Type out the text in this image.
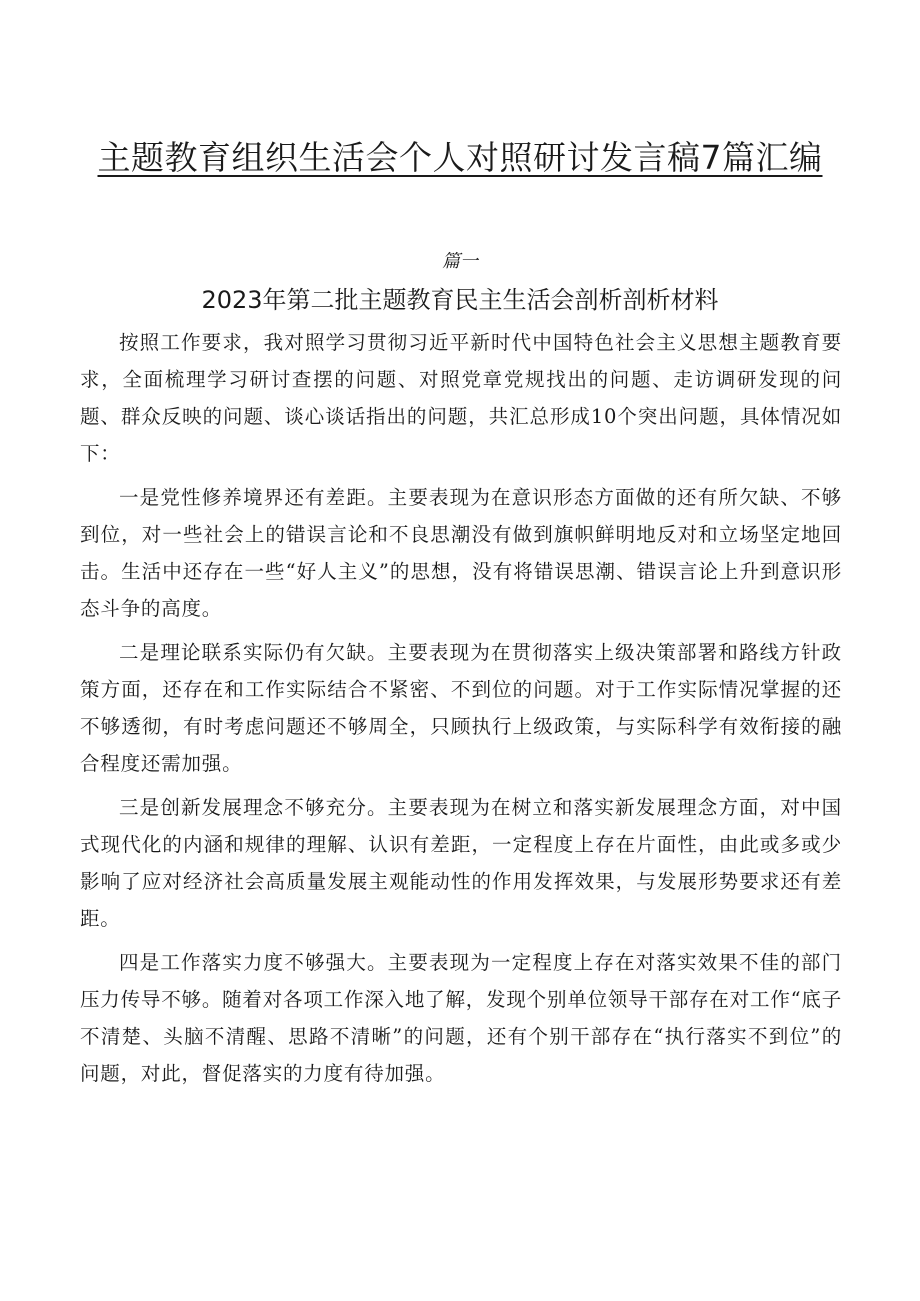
主题教育组织生活会个人对照研讨发言稿7篇汇编
篇一
2023年第二批主题教育民主生活会剖析剖析材料

按照工作要求，我对照学习贯彻习近平新时代中国特色社会主义思想主题教育要求，全面梳理学习研讨查摆的问题、对照党章党规找出的问题、走访调研发现的问题、群众反映的问题、谈心谈话指出的问题，共汇总形成10个突出问题，具体情况如下：

一是党性修养境界还有差距。主要表现为在意识形态方面做的还有所欠缺、不够到位，对一些社会上的错误言论和不良思潮没有做到旗帜鲜明地反对和立场坚定地回击。生活中还存在一些“好人主义”的思想，没有将错误思潮、错误言论上升到意识形态斗争的高度。

二是理论联系实际仍有欠缺。主要表现为在贯彻落实上级决策部署和路线方针政策方面，还存在和工作实际结合不紧密、不到位的问题。对于工作实际情况掌握的还不够透彻，有时考虑问题还不够周全，只顾执行上级政策，与实际科学有效衔接的融合程度还需加强。

三是创新发展理念不够充分。主要表现为在树立和落实新发展理念方面，对中国式现代化的内涵和规律的理解、认识有差距，一定程度上存在片面性，由此或多或少影响了应对经济社会高质量发展主观能动性的作用发挥效果，与发展形势要求还有差距。

四是工作落实力度不够强大。主要表现为一定程度上存在对落实效果不佳的部门压力传导不够。随着对各项工作深入地了解，发现个别单位领导干部存在对工作“底子不清楚、头脑不清醒、思路不清晰”的问题，还有个别干部存在“执行落实不到位”的问题，对此，督促落实的力度有待加强。
